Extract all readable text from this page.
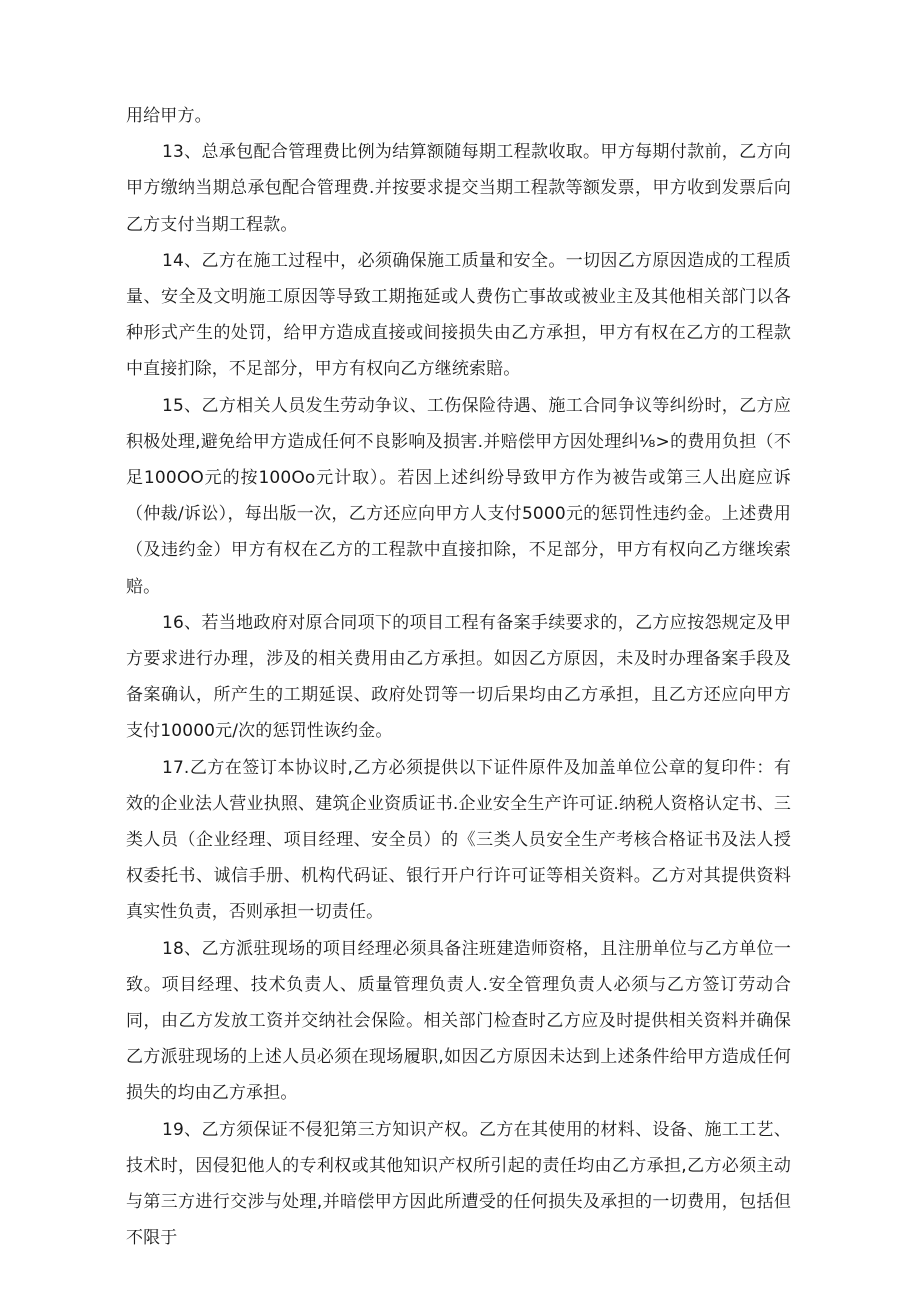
用给甲方。

13、总承包配合管理费比例为结算额随每期工程款收取。甲方每期付款前，乙方向甲方缴纳当期总承包配合管理费.并按要求提交当期工程款等额发票，甲方收到发票后向乙方支付当期工程款。

14、乙方在施工过程中，必须确保施工质量和安全。一切因乙方原因造成的工程质量、安全及文明施工原因等导致工期拖延或人费伤亡事故或被业主及其他相关部门以各种形式产生的处罚，给甲方造成直接或间接损失由乙方承担，甲方有权在乙方的工程款中直接扪除，不足部分，甲方有权向乙方继统索賠。

15、乙方相关人员发生劳动争议、工伤保险待遇、施工合同争议等纠纷时，乙方应积极处理,避免给甲方造成任何不良影响及损害.并赔偿甲方因处理纠⅛>的费用负担（不足100OO元的按100Oo元计取）。若因上述纠纷导致甲方作为被告或第三人出庭应诉（仲裁/诉讼），每出版一次，乙方还应向甲方人支付5000元的惩罚性违约金。上述费用（及违约金）甲方有权在乙方的工程款中直接扣除，不足部分，甲方有权向乙方继埃索赔。

16、若当地政府对原合同项下的项目工程有备案手续要求的，乙方应按怨规定及甲方要求进行办理，涉及的相关费用由乙方承担。如因乙方原因，未及时办理备案手段及备案确认，所产生的工期延误、政府处罚等一切后果均由乙方承担，且乙方还应向甲方支付10000元/次的惩罚性诙约金。

17.乙方在签订本协议时,乙方必须提供以下证件原件及加盖单位公章的复印件：有效的企业法人营业执照、建筑企业资质证书.企业安全生产许可证.纳税人资格认定书、三类人员（企业经理、项目经理、安全员）的《三类人员安全生产考核合格证书及法人授权委托书、诚信手册、机构代码证、银行开户行许可证等相关资料。乙方对其提供资料真实性负责，否则承担一切责任。

18、乙方派驻现场的项目经理必须具备注班建造师资格，且注册单位与乙方单位一致。项目经理、技术负责人、质量管理负责人.安全管理负责人必须与乙方签订劳动合同，由乙方发放工资并交纳社会保险。相关部门检查时乙方应及时提供相关资料并确保乙方派驻现场的上述人员必须在现场履职,如因乙方原因未达到上述条件给甲方造成任何损失的均由乙方承担。

19、乙方须保证不侵犯第三方知识产权。乙方在其使用的材料、设备、施工工艺、技术时，因侵犯他人的专利权或其他知识产权所引起的责任均由乙方承担,乙方必须主动与第三方进行交涉与处理,并暗偿甲方因此所遭受的任何损失及承担的一切费用，包括但不限于
